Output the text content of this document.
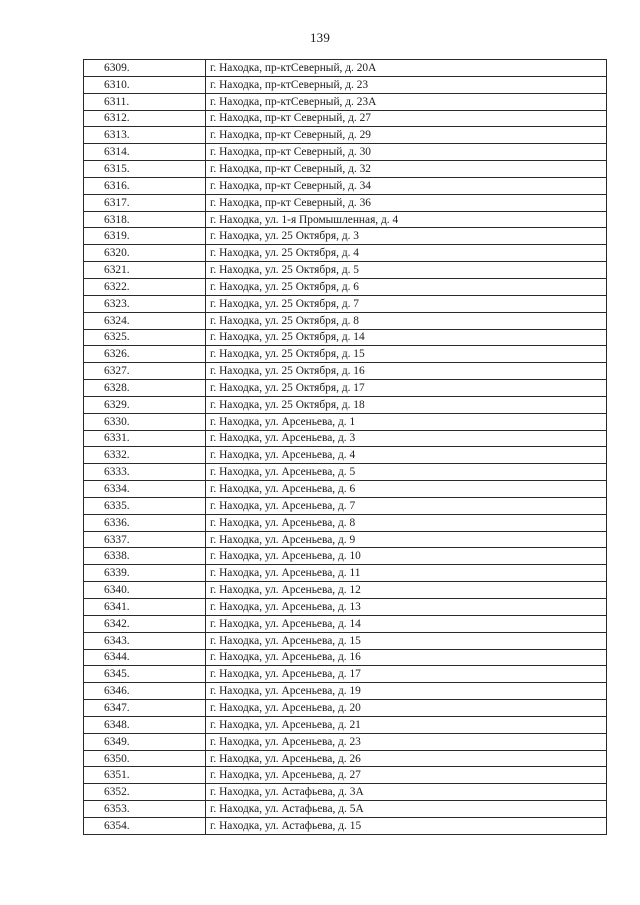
139
6309.	г. Находка, пр-ктСеверный, д. 20А
6310.	г. Находка, пр-ктСеверный, д. 23
6311.	г. Находка, пр-ктСеверный, д. 23А
6312.	г. Находка, пр-кт Северный, д. 27
6313.	г. Находка, пр-кт Северный, д. 29
6314.	г. Находка, пр-кт Северный, д. 30
6315.	г. Находка, пр-кт Северный, д. 32
6316.	г. Находка, пр-кт Северный, д. 34
6317.	г. Находка, пр-кт Северный, д. 36
6318.	г. Находка, ул. 1-я Промышленная, д. 4
6319.	г. Находка, ул. 25 Октября, д. 3
6320.	г. Находка, ул. 25 Октября, д. 4
6321.	г. Находка, ул. 25 Октября, д. 5
6322.	г. Находка, ул. 25 Октября, д. 6
6323.	г. Находка, ул. 25 Октября, д. 7
6324.	г. Находка, ул. 25 Октября, д. 8
6325.	г. Находка, ул. 25 Октября, д. 14
6326.	г. Находка, ул. 25 Октября, д. 15
6327.	г. Находка, ул. 25 Октября, д. 16
6328.	г. Находка, ул. 25 Октября, д. 17
6329.	г. Находка, ул. 25 Октября, д. 18
6330.	г. Находка, ул. Арсеньева, д. 1
6331.	г. Находка, ул. Арсеньева, д. 3
6332.	г. Находка, ул. Арсеньева, д. 4
6333.	г. Находка, ул. Арсеньева, д. 5
6334.	г. Находка, ул. Арсеньева, д. 6
6335.	г. Находка, ул. Арсеньева, д. 7
6336.	г. Находка, ул. Арсеньева, д. 8
6337.	г. Находка, ул. Арсеньева, д. 9
6338.	г. Находка, ул. Арсеньева, д. 10
6339.	г. Находка, ул. Арсеньева, д. 11
6340.	г. Находка, ул. Арсеньева, д. 12
6341.	г. Находка, ул. Арсеньева, д. 13
6342.	г. Находка, ул. Арсеньева, д. 14
6343.	г. Находка, ул. Арсеньева, д. 15
6344.	г. Находка, ул. Арсеньева, д. 16
6345.	г. Находка, ул. Арсеньева, д. 17
6346.	г. Находка, ул. Арсеньева, д. 19
6347.	г. Находка, ул. Арсеньева, д. 20
6348.	г. Находка, ул. Арсеньева, д. 21
6349.	г. Находка, ул. Арсеньева, д. 23
6350.	г. Находка, ул. Арсеньева, д. 26
6351.	г. Находка, ул. Арсеньева, д. 27
6352.	г. Находка, ул. Астафьева, д. 3А
6353.	г. Находка, ул. Астафьева, д. 5А
6354.	г. Находка, ул. Астафьева, д. 15
